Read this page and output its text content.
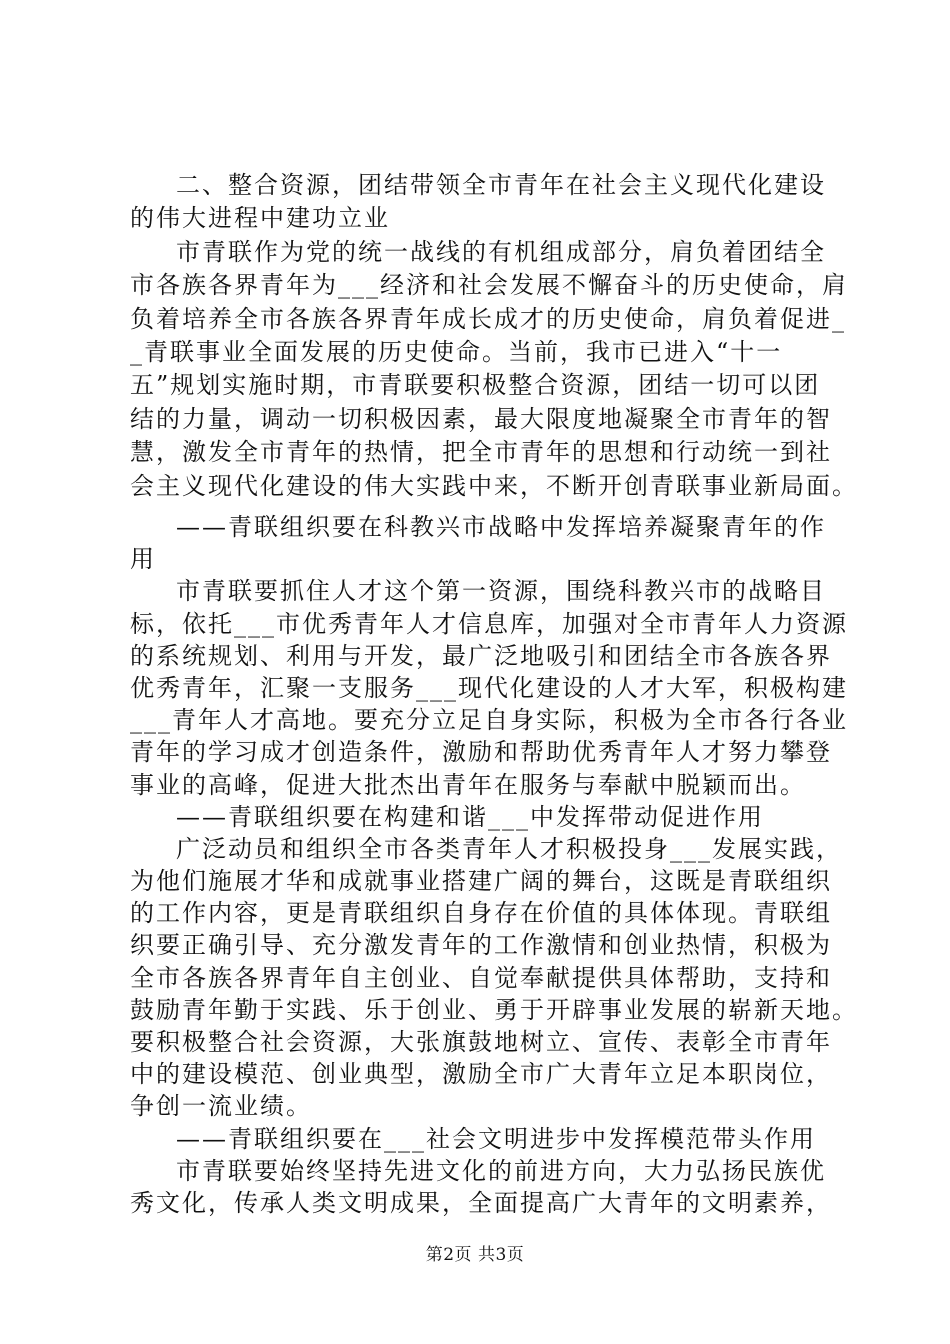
二、整合资源，团结带领全市青年在社会主义现代化建设
的伟大进程中建功立业
市青联作为党的统一战线的有机组成部分，肩负着团结全
市各族各界青年为___经济和社会发展不懈奋斗的历史使命，肩
负着培养全市各族各界青年成长成才的历史使命，肩负着促进_
_青联事业全面发展的历史使命。当前，我市已进入“十一
五”规划实施时期，市青联要积极整合资源，团结一切可以团
结的力量，调动一切积极因素，最大限度地凝聚全市青年的智
慧，激发全市青年的热情，把全市青年的思想和行动统一到社
会主义现代化建设的伟大实践中来，不断开创青联事业新局面。
——青联组织要在科教兴市战略中发挥培养凝聚青年的作
用
市青联要抓住人才这个第一资源，围绕科教兴市的战略目
标，依托___市优秀青年人才信息库，加强对全市青年人力资源
的系统规划、利用与开发，最广泛地吸引和团结全市各族各界
优秀青年，汇聚一支服务___现代化建设的人才大军，积极构建
___青年人才高地。要充分立足自身实际，积极为全市各行各业
青年的学习成才创造条件，激励和帮助优秀青年人才努力攀登
事业的高峰，促进大批杰出青年在服务与奉献中脱颖而出。
——青联组织要在构建和谐___中发挥带动促进作用
广泛动员和组织全市各类青年人才积极投身___发展实践，
为他们施展才华和成就事业搭建广阔的舞台，这既是青联组织
的工作内容，更是青联组织自身存在价值的具体体现。青联组
织要正确引导、充分激发青年的工作激情和创业热情，积极为
全市各族各界青年自主创业、自觉奉献提供具体帮助，支持和
鼓励青年勤于实践、乐于创业、勇于开辟事业发展的崭新天地。
要积极整合社会资源，大张旗鼓地树立、宣传、表彰全市青年
中的建设模范、创业典型，激励全市广大青年立足本职岗位，
争创一流业绩。
——青联组织要在___社会文明进步中发挥模范带头作用
市青联要始终坚持先进文化的前进方向，大力弘扬民族优
秀文化，传承人类文明成果，全面提高广大青年的文明素养，
第2页 共3页
